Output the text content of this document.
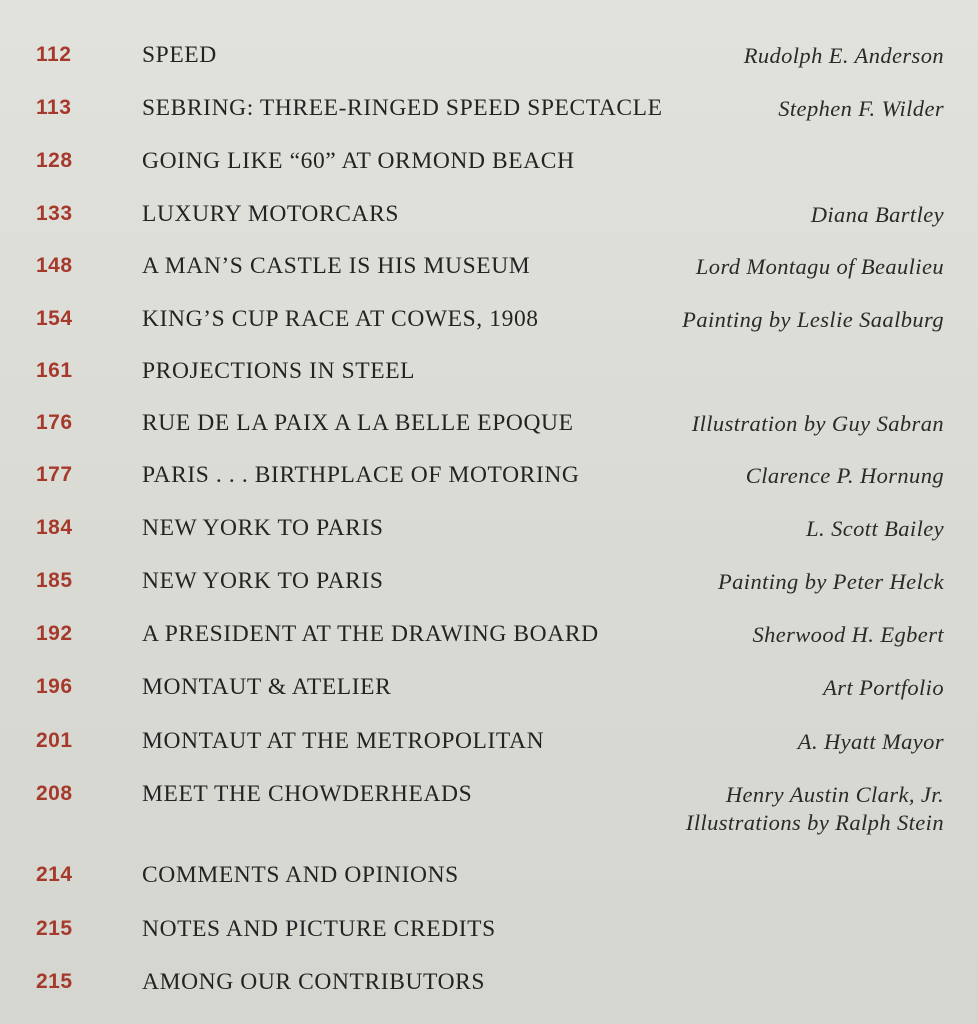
112	SPEED	Rudolph E. Anderson
113	SEBRING: THREE-RINGED SPEED SPECTACLE	Stephen F. Wilder
128	GOING LIKE “60” AT ORMOND BEACH
133	LUXURY MOTORCARS	Diana Bartley
148	A MAN’S CASTLE IS HIS MUSEUM	Lord Montagu of Beaulieu
154	KING’S CUP RACE AT COWES, 1908	Painting by Leslie Saalburg
161	PROJECTIONS IN STEEL
176	RUE DE LA PAIX A LA BELLE EPOQUE	Illustration by Guy Sabran
177	PARIS . . . BIRTHPLACE OF MOTORING	Clarence P. Hornung
184	NEW YORK TO PARIS	L. Scott Bailey
185	NEW YORK TO PARIS	Painting by Peter Helck
192	A PRESIDENT AT THE DRAWING BOARD	Sherwood H. Egbert
196	MONTAUT & ATELIER	Art Portfolio
201	MONTAUT AT THE METROPOLITAN	A. Hyatt Mayor
208	MEET THE CHOWDERHEADS	Henry Austin Clark, Jr.
Illustrations by Ralph Stein
214	COMMENTS AND OPINIONS
215	NOTES AND PICTURE CREDITS
215	AMONG OUR CONTRIBUTORS
